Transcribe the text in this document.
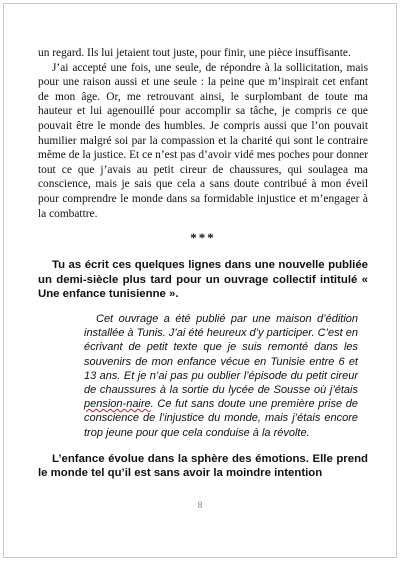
un regard. Ils lui jetaient tout juste, pour finir, une pièce insuffisante.

J’ai accepté une fois, une seule, de répondre à la sollicitation, mais pour une raison aussi et une seule : la peine que m’inspirait cet enfant de mon âge. Or, me retrouvant ainsi, le surplombant de toute ma hauteur et lui agenouillé pour accomplir sa tâche, je compris ce que pouvait être le monde des humbles. Je compris aussi que l’on pouvait humilier malgré soi par la compassion et la charité qui sont le contraire même de la justice. Et ce n’est pas d’avoir vidé mes poches pour donner tout ce que j’avais au petit cireur de chaussures, qui soulagea ma conscience, mais je sais que cela a sans doute contribué à mon éveil pour comprendre le monde dans sa formidable injustice et m’engager à la combattre.

***

Tu as écrit ces quelques lignes dans une nouvelle publiée un demi-siècle plus tard pour un ouvrage collectif intitulé « Une enfance tunisienne ».

Cet ouvrage a été publié par une maison d’édition installée à Tunis. J’ai été heureux d’y participer. C’est en écrivant de petit texte que je suis remonté dans les souvenirs de mon enfance vécue en Tunisie entre 6 et 13 ans. Et je n’ai pas pu oublier l’épisode du petit cireur de chaussures à la sortie du lycée de Sousse où j’étais pension-naire. Ce fut sans doute une première prise de conscience de l’injustice du monde, mais j’étais encore trop jeune pour que cela conduise à la révolte.

L’enfance évolue dans la sphère des émotions. Elle prend le monde tel qu’il est sans avoir la moindre intention

8
